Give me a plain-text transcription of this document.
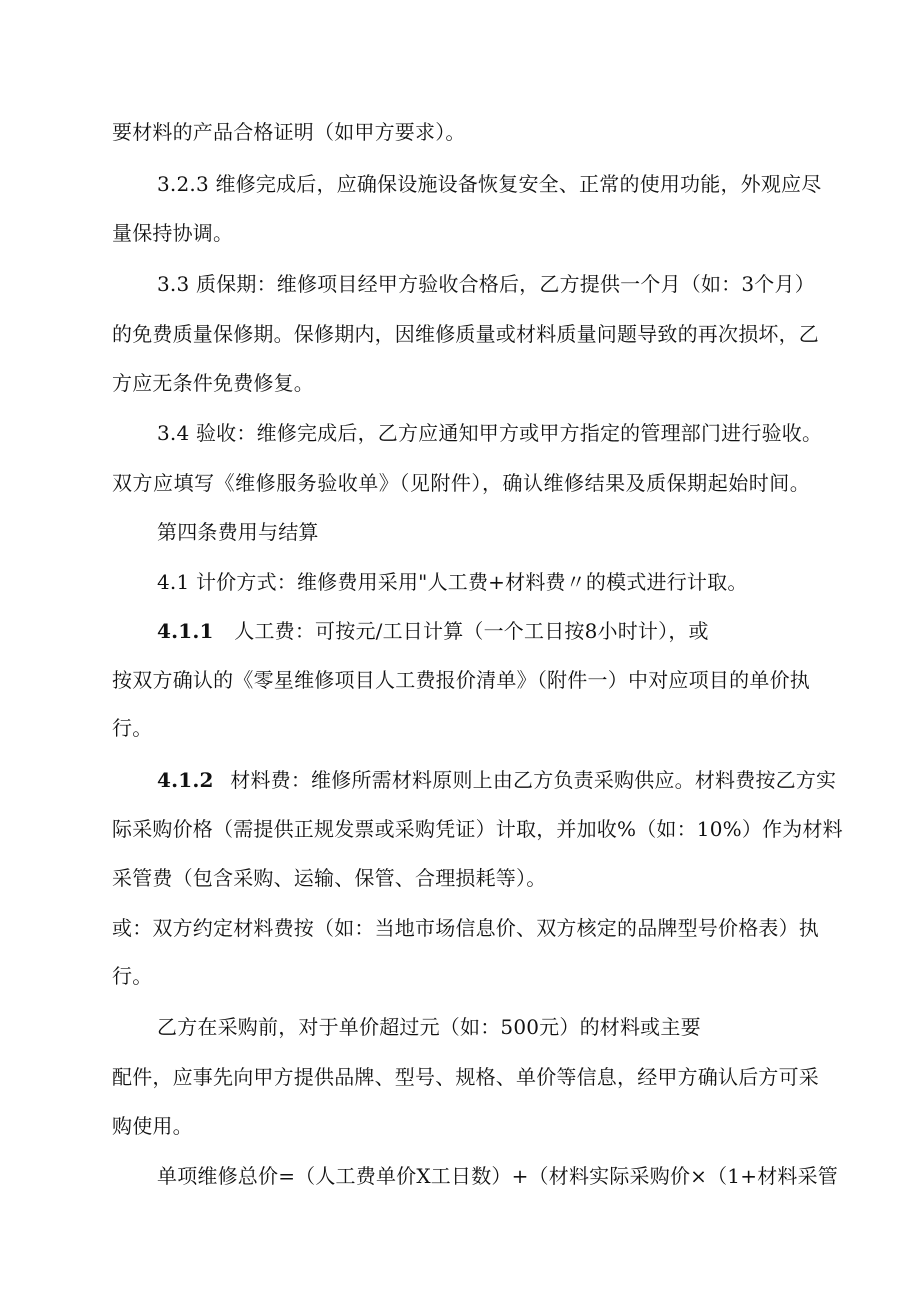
要材料的产品合格证明（如甲方要求）。
3.2.3 维修完成后，应确保设施设备恢复安全、正常的使用功能，外观应尽
量保持协调。
3.3 质保期：维修项目经甲方验收合格后，乙方提供一个月（如：3个月）
的免费质量保修期。保修期内，因维修质量或材料质量问题导致的再次损坏，乙
方应无条件免费修复。
3.4 验收：维修完成后，乙方应通知甲方或甲方指定的管理部门进行验收。
双方应填写《维修服务验收单》（见附件），确认维修结果及质保期起始时间。
第四条费用与结算
4.1 计价方式：维修费用采用"人工费+材料费〃的模式进行计取。
4.1.1 人工费：可按元/工日计算（一个工日按8小时计），或
按双方确认的《零星维修项目人工费报价清单》（附件一）中对应项目的单价执
行。
4.1.2 材料费：维修所需材料原则上由乙方负责采购供应。材料费按乙方实
际采购价格（需提供正规发票或采购凭证）计取，并加收%（如：10%）作为材料
采管费（包含采购、运输、保管、合理损耗等）。
或：双方约定材料费按（如：当地市场信息价、双方核定的品牌型号价格表）执
行。
乙方在采购前，对于单价超过元（如：500元）的材料或主要
配件，应事先向甲方提供品牌、型号、规格、单价等信息，经甲方确认后方可采
购使用。
单项维修总价=（人工费单价X工日数）+（材料实际采购价×（1+材料采管
